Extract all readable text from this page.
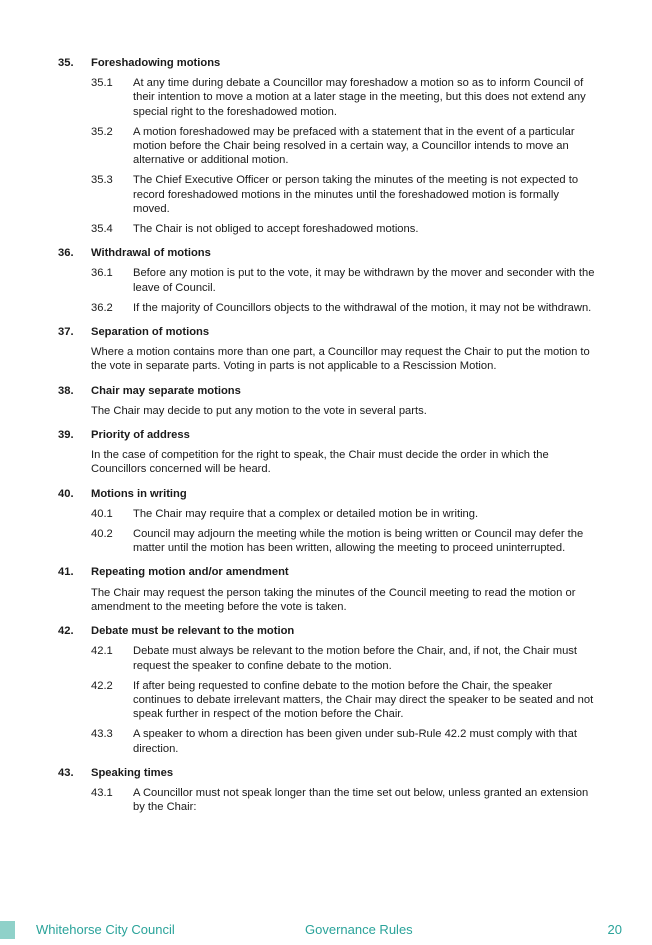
35.	Foreshadowing motions
35.1	At any time during debate a Councillor may foreshadow a motion so as to inform Council of their intention to move a motion at a later stage in the meeting, but this does not extend any special right to the foreshadowed motion.
35.2	A motion foreshadowed may be prefaced with a statement that in the event of a particular motion before the Chair being resolved in a certain way, a Councillor intends to move an alternative or additional motion.
35.3	The Chief Executive Officer or person taking the minutes of the meeting is not expected to record foreshadowed motions in the minutes until the foreshadowed motion is formally moved.
35.4	The Chair is not obliged to accept foreshadowed motions.
36.	Withdrawal of motions
36.1	Before any motion is put to the vote, it may be withdrawn by the mover and seconder with the leave of Council.
36.2	If the majority of Councillors objects to the withdrawal of the motion, it may not be withdrawn.
37.	Separation of motions
Where a motion contains more than one part, a Councillor may request the Chair to put the motion to the vote in separate parts. Voting in parts is not applicable to a Rescission Motion.
38.	Chair may separate motions
The Chair may decide to put any motion to the vote in several parts.
39.	Priority of address
In the case of competition for the right to speak, the Chair must decide the order in which the Councillors concerned will be heard.
40.	Motions in writing
40.1	The Chair may require that a complex or detailed motion be in writing.
40.2	Council may adjourn the meeting while the motion is being written or Council may defer the matter until the motion has been written, allowing the meeting to proceed uninterrupted.
41.	Repeating motion and/or amendment
The Chair may request the person taking the minutes of the Council meeting to read the motion or amendment to the meeting before the vote is taken.
42.	Debate must be relevant to the motion
42.1	Debate must always be relevant to the motion before the Chair, and, if not, the Chair must request the speaker to confine debate to the motion.
42.2	If after being requested to confine debate to the motion before the Chair, the speaker continues to debate irrelevant matters, the Chair may direct the speaker to be seated and not speak further in respect of the motion before the Chair.
43.3	A speaker to whom a direction has been given under sub-Rule 42.2 must comply with that direction.
43.	Speaking times
43.1	A Councillor must not speak longer than the time set out below, unless granted an extension by the Chair:
Whitehorse City Council	Governance Rules	20
